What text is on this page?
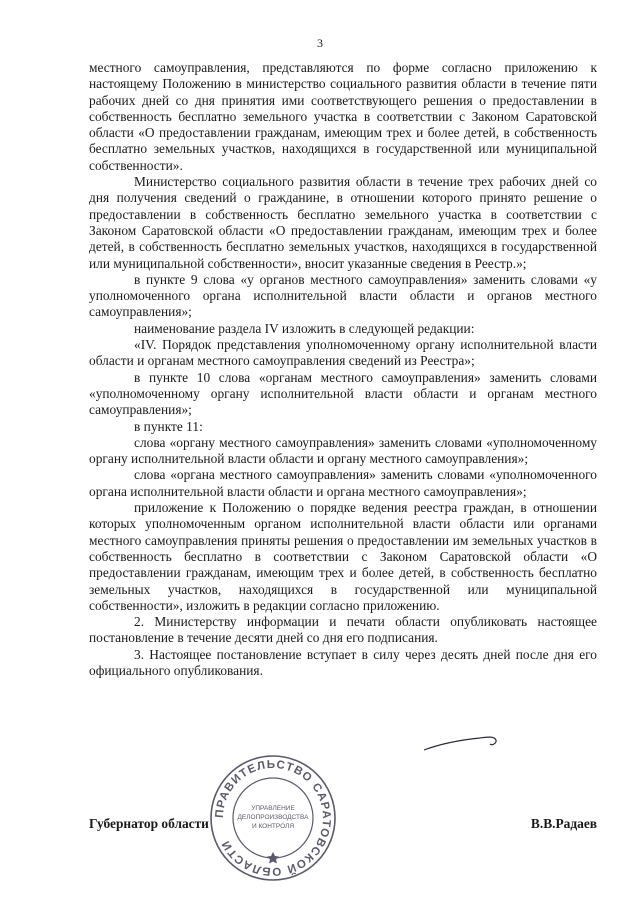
3

местного самоуправления, представляются по форме согласно приложению к настоящему Положению в министерство социального развития области в течение пяти рабочих дней со дня принятия ими соответствующего решения о предоставлении в собственность бесплатно земельного участка в соответствии с Законом Саратовской области «О предоставлении гражданам, имеющим трех и более детей, в собственность бесплатно земельных участков, находящихся в государственной или муниципальной собственности».

Министерство социального развития области в течение трех рабочих дней со дня получения сведений о гражданине, в отношении которого принято решение о предоставлении в собственность бесплатно земельного участка в соответствии с Законом Саратовской области «О предоставлении гражданам, имеющим трех и более детей, в собственность бесплатно земельных участков, находящихся в государственной или муниципальной собственности», вносит указанные сведения в Реестр.»;

в пункте 9 слова «у органов местного самоуправления» заменить словами «у уполномоченного органа исполнительной власти области и органов местного самоуправления»;

наименование раздела IV изложить в следующей редакции:

«IV. Порядок представления уполномоченному органу исполнительной власти области и органам местного самоуправления сведений из Реестра»;

в пункте 10 слова «органам местного самоуправления» заменить словами «уполномоченному органу исполнительной власти области и органам местного самоуправления»;

в пункте 11:

слова «органу местного самоуправления» заменить словами «уполномоченному органу исполнительной власти области и органу местного самоуправления»;

слова «органа местного самоуправления» заменить словами «уполномоченного органа исполнительной власти области и органа местного самоуправления»;

приложение к Положению о порядке ведения реестра граждан, в отношении которых уполномоченным органом исполнительной власти области или органами местного самоуправления приняты решения о предоставлении им земельных участков в собственность бесплатно в соответствии с Законом Саратовской области «О предоставлении гражданам, имеющим трех и более детей, в собственность бесплатно земельных участков, находящихся в государственной или муниципальной собственности», изложить в редакции согласно приложению.

2. Министерству информации и печати области опубликовать настоящее постановление в течение десяти дней со дня его подписания.

3. Настоящее постановление вступает в силу через десять дней после дня его официального опубликования.

ПРАВИТЕЛЬСТВО САРАТОВСКОЙ ОБЛАСТИ
УПРАВЛЕНИЕ
ДЕЛОПРОИЗВОДСТВА
И КОНТРОЛЯ
Губернатор области	В.В.Радаев
